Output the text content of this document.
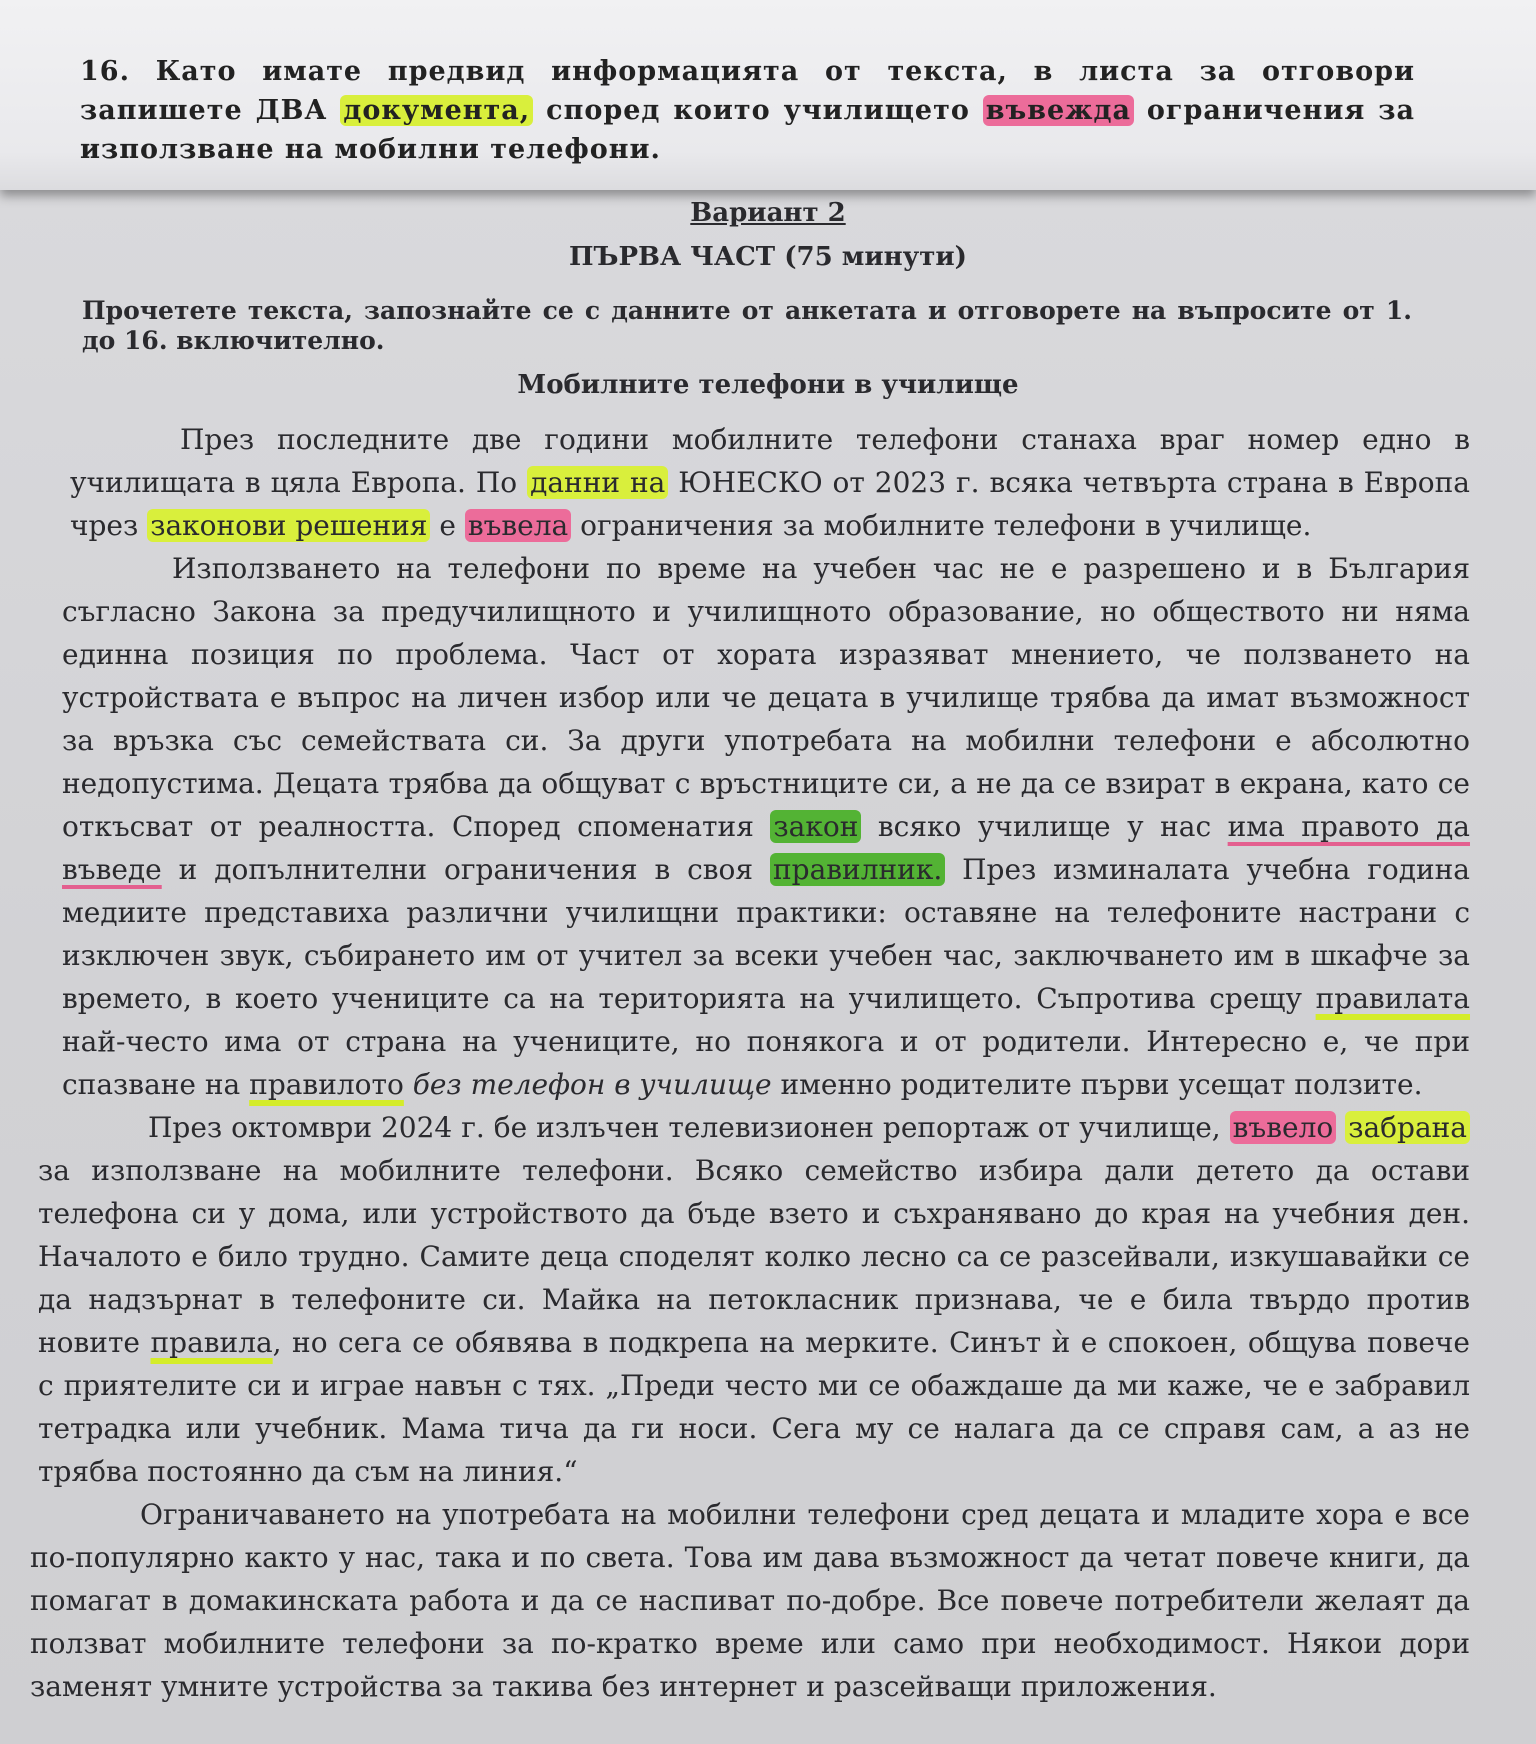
16. Като имате предвид информацията от текста, в листа за отговори запишете ДВА документа, според които училището въвежда ограничения за използване на мобилни телефони.

Вариант 2
ПЪРВА ЧАСТ (75 минути)

Прочетете текста, запознайте се с данните от анкетата и отговорете на въпросите от 1. до 16. включително.

Мобилните телефони в училище

През последните две години мобилните телефони станаха враг номер едно в училищата в цяла Европа. По данни на ЮНЕСКО от 2023 г. всяка четвърта страна в Европа чрез законови решения е въвела ограничения за мобилните телефони в училище.

Използването на телефони по време на учебен час не е разрешено и в България съгласно Закона за предучилищното и училищното образование, но обществото ни няма единна позиция по проблема. Част от хората изразяват мнението, че ползването на устройствата е въпрос на личен избор или че децата в училище трябва да имат възможност за връзка със семействата си. За други употребата на мобилни телефони е абсолютно недопустима. Децата трябва да общуват с връстниците си, а не да се взират в екрана, като се откъсват от реалността. Според споменатия закон всяко училище у нас има правото да въведе и допълнителни ограничения в своя правилник. През изминалата учебна година медиите представиха различни училищни практики: оставяне на телефоните настрани с изключен звук, събирането им от учител за всеки учебен час, заключването им в шкафче за времето, в което учениците са на територията на училището. Съпротива срещу правилата най-често има от страна на учениците, но понякога и от родители. Интересно е, че при спазване на правилото без телефон в училище именно родителите първи усещат ползите.

През октомври 2024 г. бе излъчен телевизионен репортаж от училище, въвело забрана за използване на мобилните телефони. Всяко семейство избира дали детето да остави телефона си у дома, или устройството да бъде взето и съхранявано до края на учебния ден. Началото е било трудно. Самите деца споделят колко лесно са се разсейвали, изкушавайки се да надзърнат в телефоните си. Майка на петокласник признава, че е била твърдо против новите правила, но сега се обявява в подкрепа на мерките. Синът ѝ е спокоен, общува повече с приятелите си и играе навън с тях. „Преди често ми се обаждаше да ми каже, че е забравил тетрадка или учебник. Мама тича да ги носи. Сега му се налага да се справя сам, а аз не трябва постоянно да съм на линия.“

Ограничаването на употребата на мобилни телефони сред децата и младите хора е все по-популярно както у нас, така и по света. Това им дава възможност да четат повече книги, да помагат в домакинската работа и да се наспиват по-добре. Все повече потребители желаят да ползват мобилните телефони за по-кратко време или само при необходимост. Някои дори заменят умните устройства за такива без интернет и разсейващи приложения.
